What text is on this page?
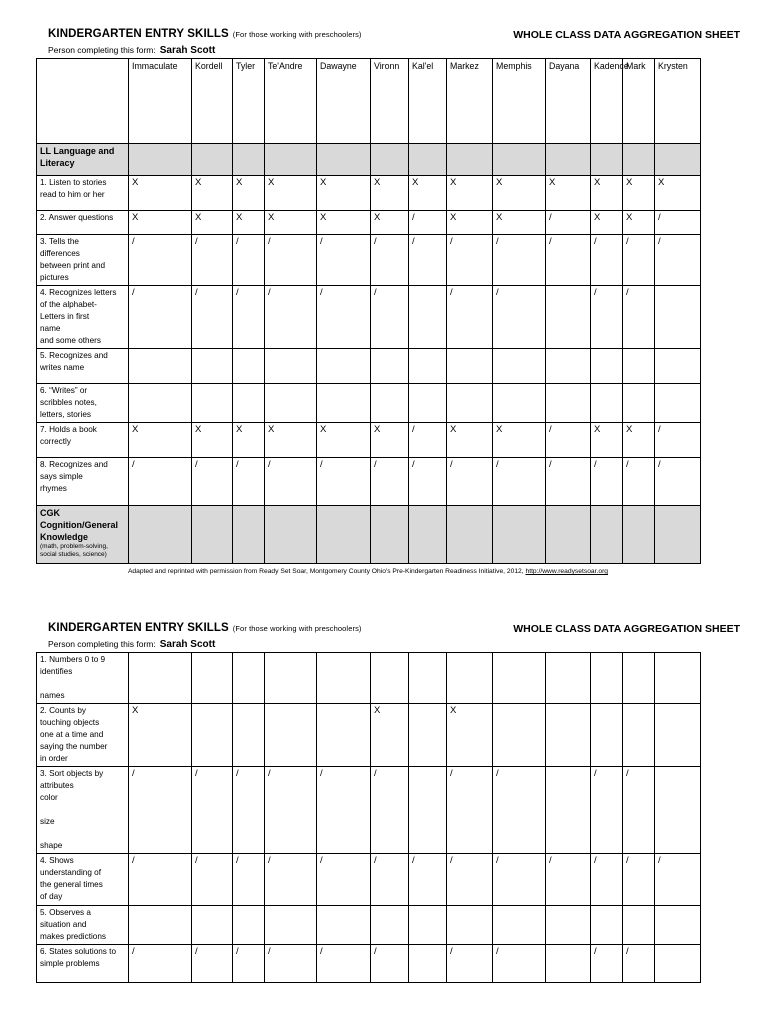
KINDERGARTEN ENTRY SKILLS (For those working with preschoolers)	WHOLE CLASS DATA AGGREGATION SHEET
Person completing this form: Sarah Scott
	Immaculate	Kordell	Tyler	Te'Andre	Dawayne	Vironn	Kal'el	Markez	Memphis	Dayana	Kadence	Mark	Krysten
LL Language and Literacy													
1. Listen to stories
read to him or her	X	X	X	X	X	X	X	X	X	X	X	X	X
2. Answer questions	X	X	X	X	X	X	/	X	X	/	X	X	/
3. Tells the
differences
between print and
pictures	/	/	/	/	/	/	/	/	/	/	/	/	/
4. Recognizes letters
of the alphabet-
Letters in first
name
and some others	/	/	/	/	/	/		/	/		/	/	
5. Recognizes and
writes name													
6. “Writes” or
scribbles notes,
letters, stories													
7. Holds a book
correctly	X	X	X	X	X	X	/	X	X	/	X	X	/
8. Recognizes and
says simple
rhymes	/	/	/	/	/	/	/	/	/	/	/	/	/
CGK
Cognition/General
Knowledge
(math, problem-solving, social studies, science)													

Adapted and reprinted with permission from Ready Set Soar, Montgomery County Ohio's Pre-Kindergarten Readiness Initiative, 2012, http://www.readysetsoar.org
KINDERGARTEN ENTRY SKILLS (For those working with preschoolers)	WHOLE CLASS DATA AGGREGATION SHEET
Person completing this form: Sarah Scott
1. Numbers 0 to 9
identifies

names													
2. Counts by
touching objects
one at a time and
saying the number
in order	X					X		X					
3. Sort objects by
attributes
color

size

shape	/	/	/	/	/	/		/	/		/	/	
4. Shows
understanding of
the general times
of day	/	/	/	/	/	/	/	/	/	/	/	/	/
5. Observes a
situation and
makes predictions													
6. States solutions to
simple problems	/	/	/	/	/	/		/	/		/	/	
